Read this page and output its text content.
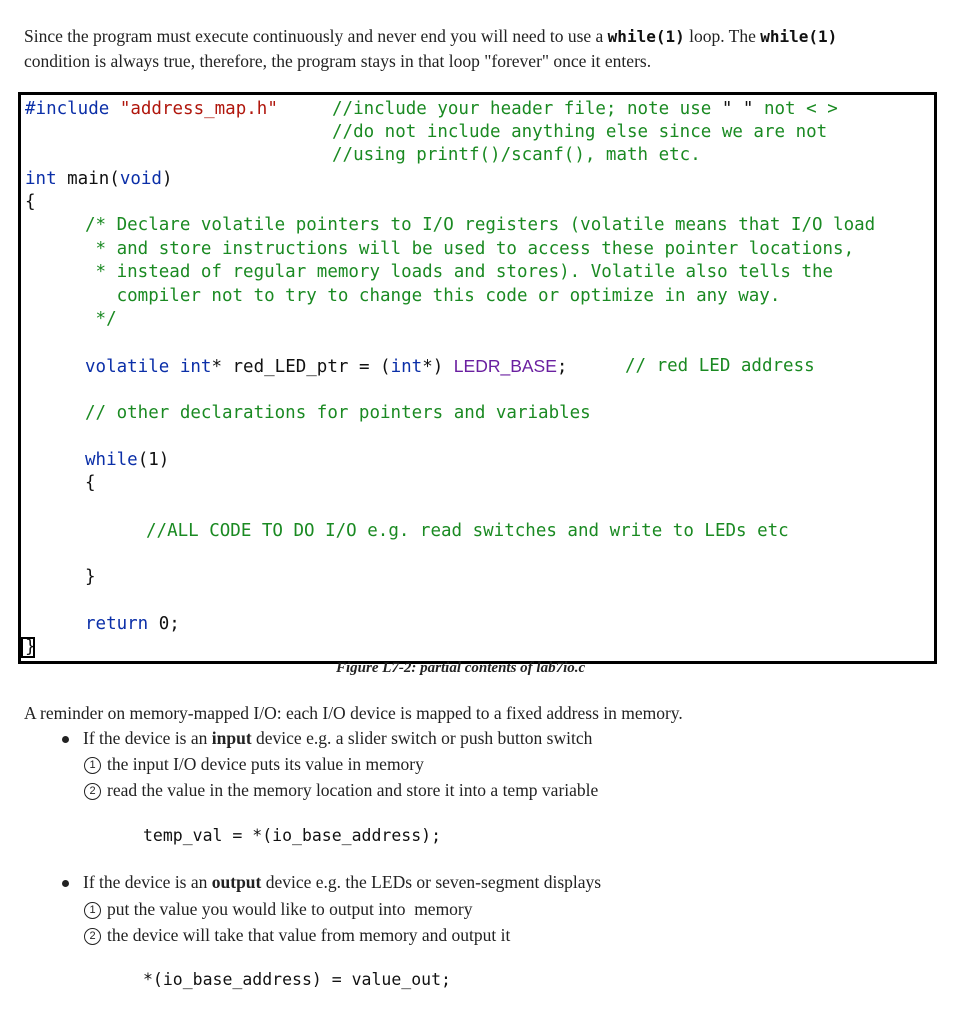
Since the program must execute continuously and never end you will need to use a while(1) loop. The while(1)
condition is always true, therefore, the program stays in that loop "forever" once it enters.
#include "address_map.h"	//include your header file; note use " " not < >
//do not include anything else since we are not
//using printf()/scanf(), math etc.
int main(void)
{
/* Declare volatile pointers to I/O registers (volatile means that I/O load
* and store instructions will be used to access these pointer locations,
* instead of regular memory loads and stores). Volatile also tells the
compiler not to try to change this code or optimize in any way.
*/
volatile int* red_LED_ptr = (int*) LEDR_BASE;	// red LED address
// other declarations for pointers and variables
while(1)
{
//ALL CODE TO DO I/O e.g. read switches and write to LEDs etc
}
return 0;
}
Figure L7-2: partial contents of lab7io.c
A reminder on memory-mapped I/O: each I/O device is mapped to a fixed address in memory.
If the device is an input device e.g. a slider switch or push button switch
1 the input I/O device puts its value in memory
2 read the value in the memory location and store it into a temp variable
temp_val = *(io_base_address);
If the device is an output device e.g. the LEDs or seven-segment displays
1 put the value you would like to output into  memory
2 the device will take that value from memory and output it
*(io_base_address) = value_out;
